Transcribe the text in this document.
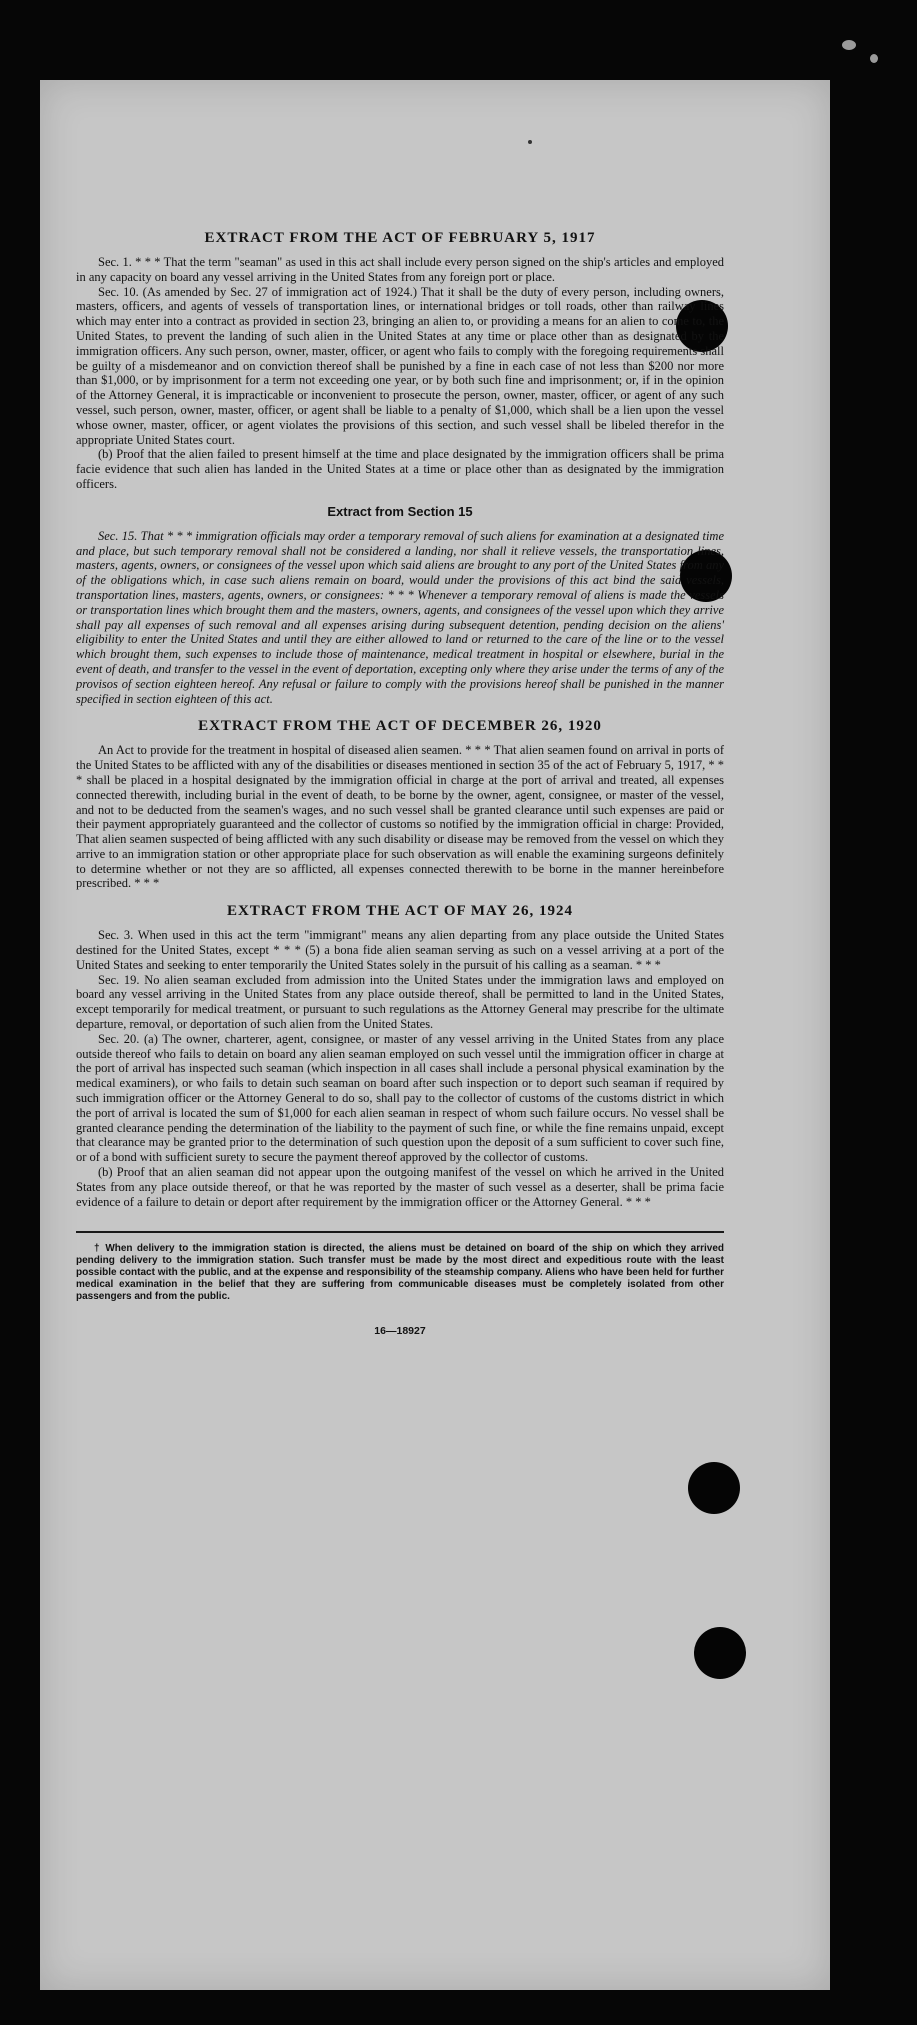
EXTRACT FROM THE ACT OF FEBRUARY 5, 1917

Sec. 1. * * * That the term "seaman" as used in this act shall include every person signed on the ship's articles and employed in any capacity on board any vessel arriving in the United States from any foreign port or place.

Sec. 10. (As amended by Sec. 27 of immigration act of 1924.) That it shall be the duty of every person, including owners, masters, officers, and agents of vessels of transportation lines, or international bridges or toll roads, other than railway lines which may enter into a contract as provided in section 23, bringing an alien to, or providing a means for an alien to come to, the United States, to prevent the landing of such alien in the United States at any time or place other than as designated by the immigration officers. Any such person, owner, master, officer, or agent who fails to comply with the foregoing requirements shall be guilty of a misdemeanor and on conviction thereof shall be punished by a fine in each case of not less than $200 nor more than $1,000, or by imprisonment for a term not exceeding one year, or by both such fine and imprisonment; or, if in the opinion of the Attorney General, it is impracticable or inconvenient to prosecute the person, owner, master, officer, or agent of any such vessel, such person, owner, master, officer, or agent shall be liable to a penalty of $1,000, which shall be a lien upon the vessel whose owner, master, officer, or agent violates the provisions of this section, and such vessel shall be libeled therefor in the appropriate United States court.

(b) Proof that the alien failed to present himself at the time and place designated by the immigration officers shall be prima facie evidence that such alien has landed in the United States at a time or place other than as designated by the immigration officers.

Extract from Section 15

Sec. 15. That * * * immigration officials may order a temporary removal of such aliens for examination at a designated time and place, but such temporary removal shall not be considered a landing, nor shall it relieve vessels, the transportation lines, masters, agents, owners, or consignees of the vessel upon which said aliens are brought to any port of the United States from any of the obligations which, in case such aliens remain on board, would under the provisions of this act bind the said vessels, transportation lines, masters, agents, owners, or consignees: * * * Whenever a temporary removal of aliens is made the vessels or transportation lines which brought them and the masters, owners, agents, and consignees of the vessel upon which they arrive shall pay all expenses of such removal and all expenses arising during subsequent detention, pending decision on the aliens' eligibility to enter the United States and until they are either allowed to land or returned to the care of the line or to the vessel which brought them, such expenses to include those of maintenance, medical treatment in hospital or elsewhere, burial in the event of death, and transfer to the vessel in the event of deportation, excepting only where they arise under the terms of any of the provisos of section eighteen hereof. Any refusal or failure to comply with the provisions hereof shall be punished in the manner specified in section eighteen of this act.

EXTRACT FROM THE ACT OF DECEMBER 26, 1920

An Act to provide for the treatment in hospital of diseased alien seamen. * * * That alien seamen found on arrival in ports of the United States to be afflicted with any of the disabilities or diseases mentioned in section 35 of the act of February 5, 1917, * * * shall be placed in a hospital designated by the immigration official in charge at the port of arrival and treated, all expenses connected therewith, including burial in the event of death, to be borne by the owner, agent, consignee, or master of the vessel, and not to be deducted from the seamen's wages, and no such vessel shall be granted clearance until such expenses are paid or their payment appropriately guaranteed and the collector of customs so notified by the immigration official in charge: Provided, That alien seamen suspected of being afflicted with any such disability or disease may be removed from the vessel on which they arrive to an immigration station or other appropriate place for such observation as will enable the examining surgeons definitely to determine whether or not they are so afflicted, all expenses connected therewith to be borne in the manner hereinbefore prescribed. * * *

EXTRACT FROM THE ACT OF MAY 26, 1924

Sec. 3. When used in this act the term "immigrant" means any alien departing from any place outside the United States destined for the United States, except * * * (5) a bona fide alien seaman serving as such on a vessel arriving at a port of the United States and seeking to enter temporarily the United States solely in the pursuit of his calling as a seaman. * * *

Sec. 19. No alien seaman excluded from admission into the United States under the immigration laws and employed on board any vessel arriving in the United States from any place outside thereof, shall be permitted to land in the United States, except temporarily for medical treatment, or pursuant to such regulations as the Attorney General may prescribe for the ultimate departure, removal, or deportation of such alien from the United States.

Sec. 20. (a) The owner, charterer, agent, consignee, or master of any vessel arriving in the United States from any place outside thereof who fails to detain on board any alien seaman employed on such vessel until the immigration officer in charge at the port of arrival has inspected such seaman (which inspection in all cases shall include a personal physical examination by the medical examiners), or who fails to detain such seaman on board after such inspection or to deport such seaman if required by such immigration officer or the Attorney General to do so, shall pay to the collector of customs of the customs district in which the port of arrival is located the sum of $1,000 for each alien seaman in respect of whom such failure occurs. No vessel shall be granted clearance pending the determination of the liability to the payment of such fine, or while the fine remains unpaid, except that clearance may be granted prior to the determination of such question upon the deposit of a sum sufficient to cover such fine, or of a bond with sufficient surety to secure the payment thereof approved by the collector of customs.

(b) Proof that an alien seaman did not appear upon the outgoing manifest of the vessel on which he arrived in the United States from any place outside thereof, or that he was reported by the master of such vessel as a deserter, shall be prima facie evidence of a failure to detain or deport after requirement by the immigration officer or the Attorney General. * * *

† When delivery to the immigration station is directed, the aliens must be detained on board of the ship on which they arrived pending delivery to the immigration station. Such transfer must be made by the most direct and expeditious route with the least possible contact with the public, and at the expense and responsibility of the steamship company. Aliens who have been held for further medical examination in the belief that they are suffering from communicable diseases must be completely isolated from other passengers and from the public.

16—18927
